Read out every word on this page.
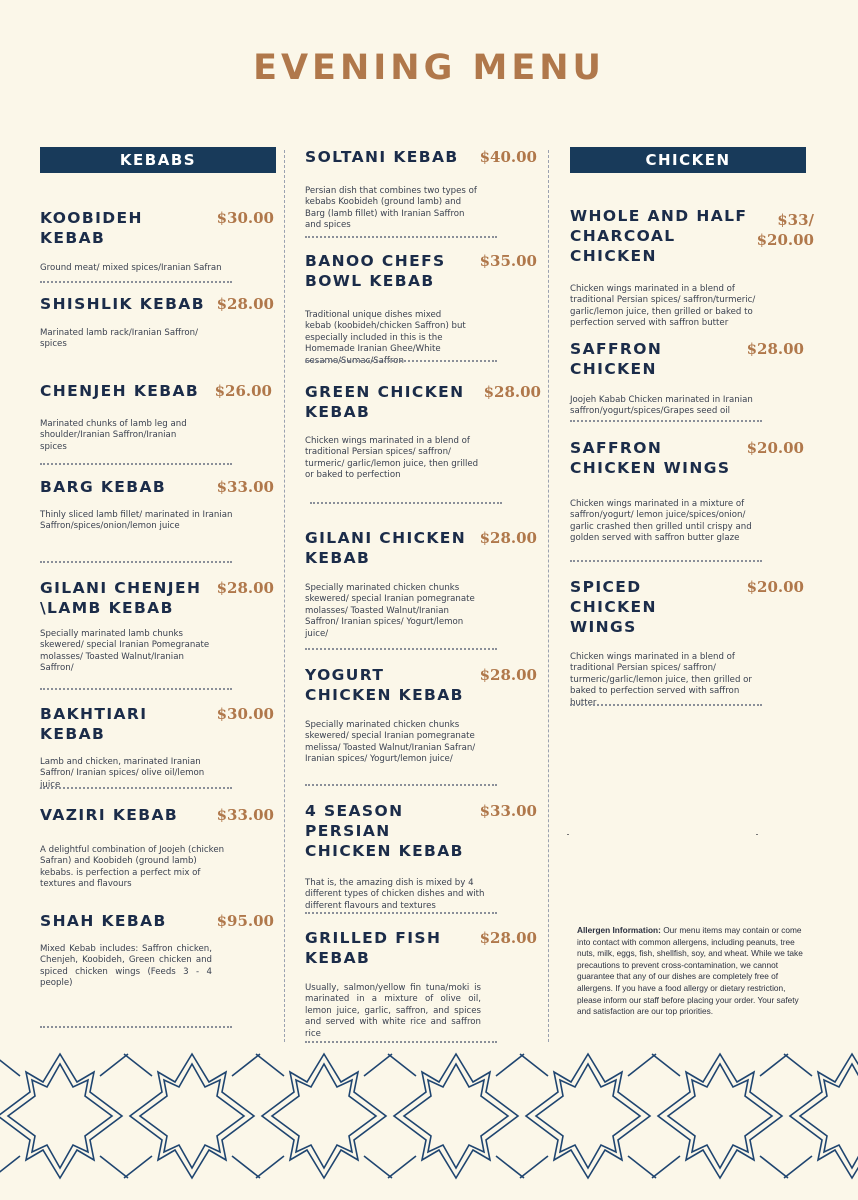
EVENING MENU
KEBABS
KOOBIDEH KEBAB
$30.00
Ground meat/ mixed spices/Iranian Safran
SHISHLIK KEBAB $28.00
Marinated lamb rack/Iranian Saffron/ spices
CHENJEH KEBAB	$26.00
Marinated chunks of lamb leg and shoulder/Iranian Saffron/Iranian spices
BARG KEBAB	$33.00
Thinly sliced lamb fillet/ marinated in Iranian Saffron/spices/onion/lemon juice
GILANI CHENJEH \LAMB KEBAB
$28.00
Specially marinated lamb chunks skewered/ special Iranian Pomegranate molasses/ Toasted Walnut/Iranian Saffron/
BAKHTIARI KEBAB
$30.00
Lamb and chicken, marinated Iranian Saffron/ Iranian spices/ olive oil/lemon juice
VAZIRI KEBAB	$33.00
A delightful combination of Joojeh (chicken Safran) and Koobideh (ground lamb) kebabs. is perfection a perfect mix of textures and flavours
SHAH KEBAB	$95.00
Mixed Kebab includes: Saffron chicken, Chenjeh, Koobideh, Green chicken and spiced chicken wings (Feeds 3 - 4 people)
SOLTANI KEBAB	$40.00
Persian dish that combines two types of kebabs Koobideh (ground lamb) and Barg (lamb fillet) with Iranian Saffron and spices
BANOO CHEFS BOWL KEBAB
$35.00
Traditional unique dishes mixed kebab (koobideh/chicken Saffron) but especially included in this is the Homemade Iranian Ghee/White sesame/Sumac/Saffron
GREEN CHICKEN KEBAB
$28.00
Chicken wings marinated in a blend of traditional Persian spices/ saffron/ turmeric/ garlic/lemon juice, then grilled or baked to perfection
GILANI CHICKEN KEBAB
$28.00
Specially marinated chicken chunks skewered/ special Iranian pomegranate molasses/ Toasted Walnut/Iranian Saffron/ Iranian spices/ Yogurt/lemon juice/
YOGURT CHICKEN KEBAB
$28.00
Specially marinated chicken chunks skewered/ special Iranian pomegranate melissa/ Toasted Walnut/Iranian Safran/ Iranian spices/ Yogurt/lemon juice/
4 SEASON PERSIAN CHICKEN KEBAB
$33.00
That is, the amazing dish is mixed by 4 different types of chicken dishes and with different flavours and textures
GRILLED FISH KEBAB
$28.00
Usually, salmon/yellow fin tuna/moki is marinated in a mixture of olive oil, lemon juice, garlic, saffron, and spices and served with white rice and saffron rice
CHICKEN
WHOLE AND HALF CHARCOAL CHICKEN
$33/ $20.00
Chicken wings marinated in a blend of traditional Persian spices/ saffron/turmeric/ garlic/lemon juice, then grilled or baked to perfection served with saffron butter
SAFFRON CHICKEN
$28.00
Joojeh Kabab Chicken marinated in Iranian saffron/yogurt/spices/Grapes seed oil
SAFFRON CHICKEN WINGS
$20.00
Chicken wings marinated in a mixture of saffron/yogurt/ lemon juice/spices/onion/ garlic crashed then grilled until crispy and golden served with saffron butter glaze
SPICED CHICKEN WINGS
$20.00
Chicken wings marinated in a blend of traditional Persian spices/ saffron/ turmeric/garlic/lemon juice, then grilled or baked to perfection served with saffron butter
Allergen Information: Our menu items may contain or come into contact with common allergens, including peanuts, tree nuts, milk, eggs, fish, shellfish, soy, and wheat. While we take precautions to prevent cross-contamination, we cannot guarantee that any of our dishes are completely free of allergens. If you have a food allergy or dietary restriction, please inform our staff before placing your order. Your safety and satisfaction are our top priorities.
